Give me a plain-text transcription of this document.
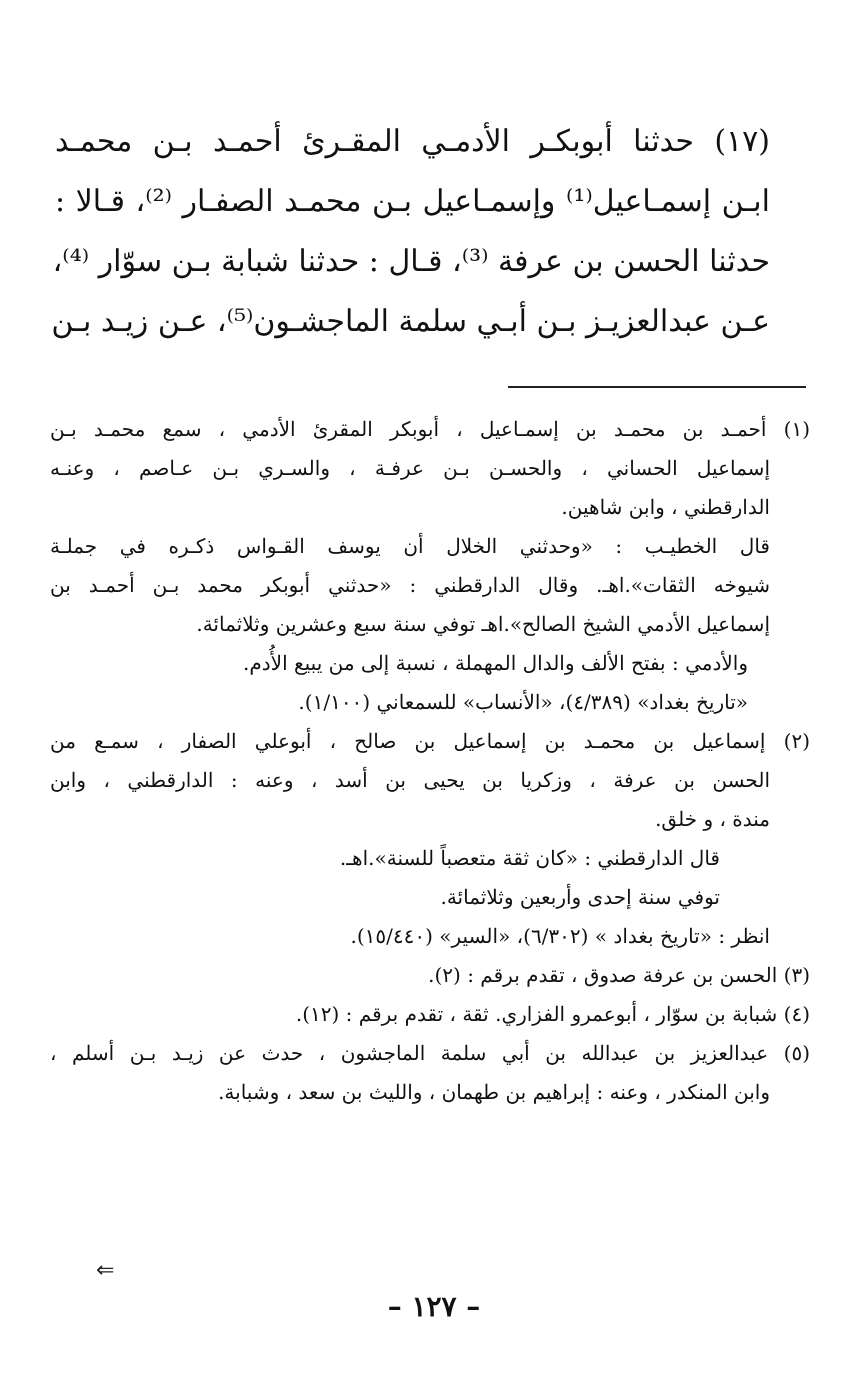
(١٧) حدثنا أبوبكـر الأدمـي المقـرئ أحمـد بـن محمـد
ابـن إسمـاعيل⁽¹⁾ وإسمـاعيل بـن محمـد الصفـار ⁽²⁾، قـالا :
حدثنا الحسن بن عرفة ⁽³⁾، قـال : حدثنا شبابة بـن سوّار ⁽⁴⁾،
عـن عبدالعزيـز بـن أبـي سلمة الماجشـون⁽⁵⁾، عـن زيـد بـن
(١) أحمـد بن محمـد بن إسمـاعيل ، أبوبكر المقرئ الأدمي ، سمع محمـد بـن
إسماعيل الحساني ، والحسـن بـن عرفـة ، والسـري بـن عـاصم ، وعنـه
الدارقطني ، وابن شاهين.
قال الخطيـب : «وحدثني الخلال أن يوسف القـواس ذكـره في جملـة
شيوخه الثقات».اهـ. وقال الدارقطني : «حدثني أبوبكر محمد بـن أحمـد بن
إسماعيل الأدمي الشيخ الصالح».اهـ توفي سنة سبع وعشرين وثلاثمائة.
والأدمي : بفتح الألف والدال المهملة ، نسبة إلى من يبيع الأُدم.
«تاريخ بغداد» (٤/٣٨٩)، «الأنساب» للسمعاني (١/١٠٠).
(٢) إسماعيل بن محمـد بن إسماعيل بن صالح ، أبوعلي الصفار ، سمـع من
الحسن بن عرفة ، وزكريا بن يحيى بن أسد ، وعنه : الدارقطني ، وابن
مندة ، و خلق.
قال الدارقطني : «كان ثقة متعصباً للسنة».اهـ.
توفي سنة إحدى وأربعين وثلاثمائة.
انظر : «تاريخ بغداد » (٦/٣٠٢)، «السير» (١٥/٤٤٠).
(٣) الحسن بن عرفة صدوق ، تقدم برقم : (٢).
(٤) شبابة بن سوّار ، أبوعمرو الفزاري. ثقة ، تقدم برقم : (١٢).
(٥) عبدالعزيز بن عبدالله بن أبي سلمة الماجشون ، حدث عن زيـد بـن أسلم ،
وابن المنكدر ، وعنه : إبراهيم بن طهمان ، والليث بن سعد ، وشبابة.
⇐
– ١٢٧ –
